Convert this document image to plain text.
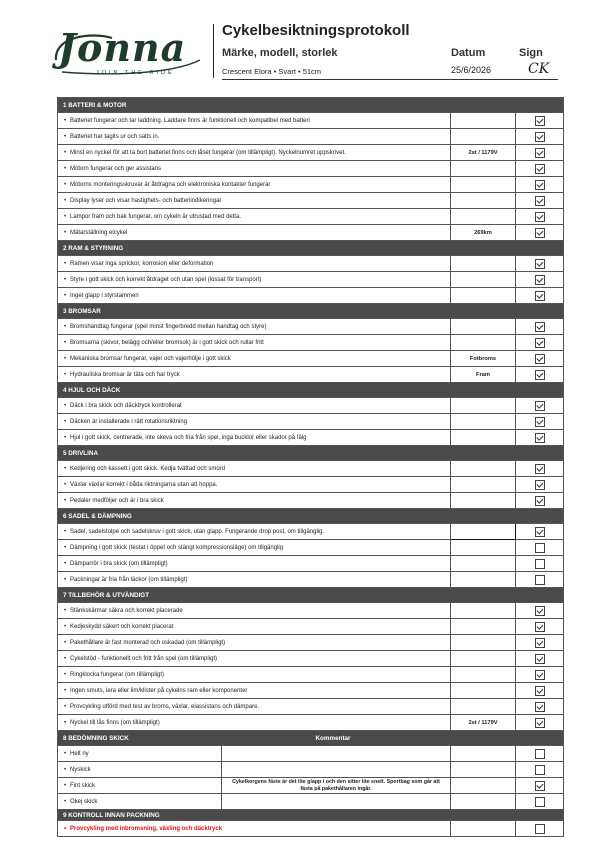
Jonna
JOIN THE RIDE
Cykelbesiktningsprotokoll
Märke, modell, storlek	Datum	Sign
Crescent Elora • Svart • 51cm	25/6/2026	CK
1 BATTERI & MOTOR		
• Batteriet fungerar och tar laddning. Laddare finns är funktionell och kompatibel med batteri		
• Batteriet har tagits ur och satts in.		
• Minst en nyckel för att ta bort batteriet finns och låset fungerar (om tillämpligt). Nyckelnumret uppskrivet.	2st / 1179V	
• Motorn fungerar och ger assistans		
• Motorns monteringsskruvar är åtdragna och elektroniska kontakter fungerar		
• Display lyser och visar hastighets- och batteriindikeringar		
• Lampor fram och bak fungerar, om cykeln är utrustad med detta.		
• Mätarställning elcykel	269km	
2 RAM & STYRNING		
• Ramen visar inga sprickor, korrosion eller deformation		
• Styre i gott skick och korrekt åtdraget och utan spel (lossat för transport)		
• Inget glapp i styrstammen		
3 BROMSAR		
• Bromshandtag fungerar (spel minst fingerbredd mellan handtag och styre)		
• Bromsarna (skivor, belägg och/eller bromsok) är i gott skick och rullar fritt		
• Mekaniska bromsar fungerar, vajer och vajerhölje i gott skick	Fotbroms	
• Hydrauliska bromsar är täta och har tryck	Fram	
4 HJUL OCH DÄCK		
• Däck i bra skick och däcktryck kontrollerat		
• Däcken är installerade i rätt rotationsriktning		
• Hjul i gott skick, centrerade, inte skeva och fria från spel, inga bucklor eller skador på fälg		
5 DRIVLINA		
• Kedjering och kassett i gott skick. Kedja tvättad och smord		
• Växlar växlar korrekt i båda riktningarna utan att hoppa.		
• Pedaler medföljer och är i bra skick		
6 SADEL & DÄMPNING		
• Sadel, sadelstolpe och sadelskruv i gott skick, utan glapp. Fungerande drop post, om tillgänglig.		
• Dämpning i gott skick (testat i öppet och stängt kompressionsläge) om tillgänglig		
• Dämparrör i bra skick (om tillämpligt)		
• Packningar är fria från läckor (om tillämpligt)		
7 TILLBEHÖR & UTVÄNDIGT		
• Stänkskärmar säkra och korrekt placerade		
• Kedjeskydd säkert och korrekt placerat		
• Pakethållare är fast monterad och oskadad (om tillämpligt)		
• Cykelstöd - funktionellt och fritt från spel (om tillämpligt)		
• Ringklocka fungerar (om tillämpligt)		
• Ingen smuts, lera eller lim/klister på cykelns ram eller komponenter		
• Provcykling utförd med test av broms, växlar, elassistans och dämpare.		
• Nyckel till lås finns (om tillämpligt)	2st / 1179V	

8 BEDÖMNING SKICK Kommentar		

• Helt ny		

• Nyskick		

• Fint skick
Cykelkorgens fäste är det lite glapp i och den sitter lite snett. Sportbag som går att fästa på pakethållaren ingår.		

• Okej skick		

9 KONTROLL INNAN PACKNING		
• Provcykling med inbromsning, växling och däcktryck		
